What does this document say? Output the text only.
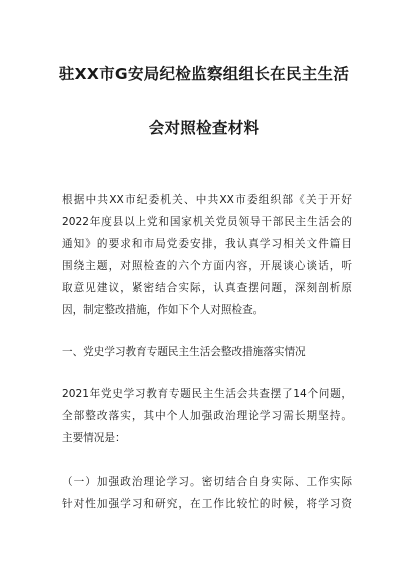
驻XX市G安局纪检监察组组长在民主生活
会对照检查材料

根据中共XX市纪委机关、中共XX市委组织部《关于开好
2022年度县以上党和国家机关党员领导干部民主生活会的
通知》的要求和市局党委安排，我认真学习相关文件篇目
围绕主题，对照检查的六个方面内容，开展谈心谈话，听
取意见建议，紧密结合实际，认真查摆问题，深刻剖析原
因，制定整改措施，作如下个人对照检查。

一、党史学习教育专题民主生活会整改措施落实情况

2021年党史学习教育专题民主生活会共查摆了14个问题，
全部整改落实，其中个人加强政治理论学习需长期坚持。
主要情况是：

（一）加强政治理论学习。密切结合自身实际、工作实际
针对性加强学习和研究，在工作比较忙的时候，将学习资
